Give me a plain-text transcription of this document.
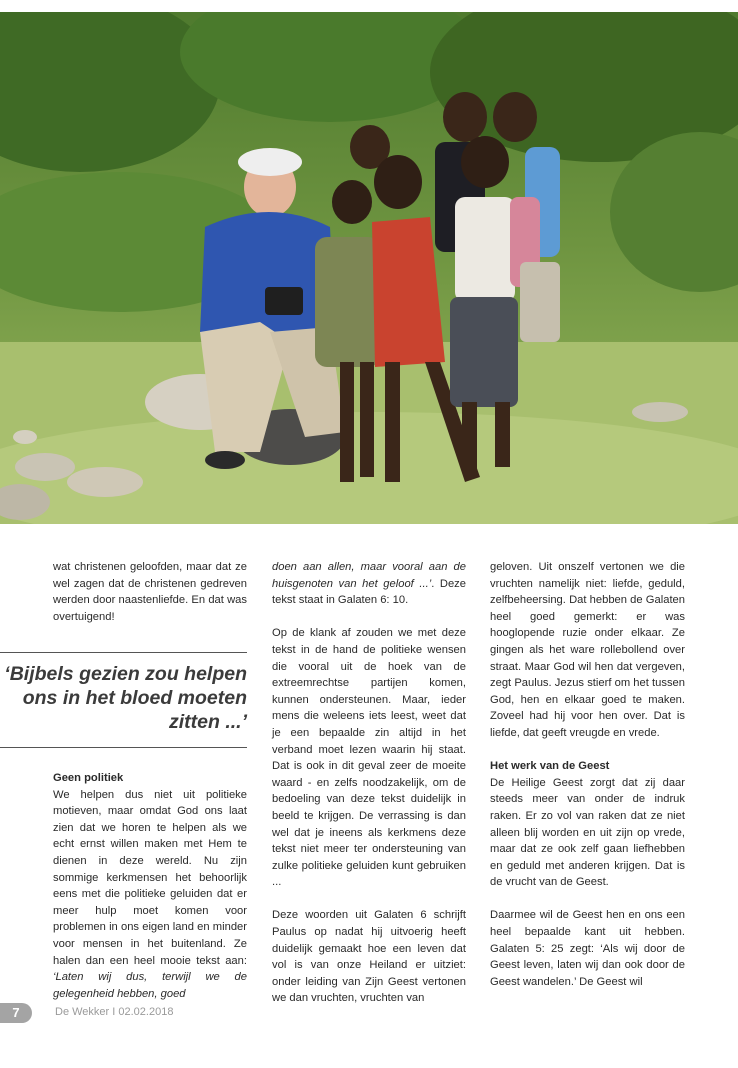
wat christenen geloofden, maar dat ze wel zagen dat de christenen gedreven werden door naastenliefde. En dat was overtuigend!

‘Bijbels gezien zou helpen ons in het bloed moeten zitten ...’
Geen politiek

We helpen dus niet uit politieke motieven, maar omdat God ons laat zien dat we horen te helpen als we echt ernst willen maken met Hem te dienen in deze wereld. Nu zijn sommige kerkmensen het behoorlijk eens met die politieke geluiden dat er meer hulp moet komen voor problemen in ons eigen land en minder voor mensen in het buitenland. Ze halen dan een heel mooie tekst aan: ‘Laten wij dus, terwijl we de gelegenheid hebben, goed

doen aan allen, maar vooral aan de huisgenoten van het geloof ...’. Deze tekst staat in Galaten 6: 10.

Op de klank af zouden we met deze tekst in de hand de politieke wensen die vooral uit de hoek van de extreemrechtse partijen komen, kunnen ondersteunen. Maar, ieder mens die weleens iets leest, weet dat je een bepaalde zin altijd in het verband moet lezen waarin hij staat. Dat is ook in dit geval zeer de moeite waard - en zelfs noodzakelijk, om de bedoeling van deze tekst duidelijk in beeld te krijgen. De verrassing is dan wel dat je ineens als kerkmens deze tekst niet meer ter ondersteuning van zulke politieke geluiden kunt gebruiken ...

Deze woorden uit Galaten 6 schrijft Paulus op nadat hij uitvoerig heeft duidelijk gemaakt hoe een leven dat vol is van onze Heiland er uitziet: onder leiding van Zijn Geest vertonen we dan vruchten, vruchten van

geloven. Uit onszelf vertonen we die vruchten namelijk niet: liefde, geduld, zelfbeheersing. Dat hebben de Galaten heel goed gemerkt: er was hooglopende ruzie onder elkaar. Ze gingen als het ware rollebollend over straat. Maar God wil hen dat vergeven, zegt Paulus. Jezus stierf om het tussen God, hen en elkaar goed te maken. Zoveel had hij voor hen over. Dat is liefde, dat geeft vreugde en vrede.

Het werk van de Geest

De Heilige Geest zorgt dat zij daar steeds meer van onder de indruk raken. Er zo vol van raken dat ze niet alleen blij worden en uit zijn op vrede, maar dat ze ook zelf gaan liefhebben en geduld met anderen krijgen. Dat is de vrucht van de Geest.

Daarmee wil de Geest hen en ons een heel bepaalde kant uit hebben. Galaten 5: 25 zegt: ‘Als wij door de Geest leven, laten wij dan ook door de Geest wandelen.’ De Geest wil

7	De Wekker I 02.02.2018
